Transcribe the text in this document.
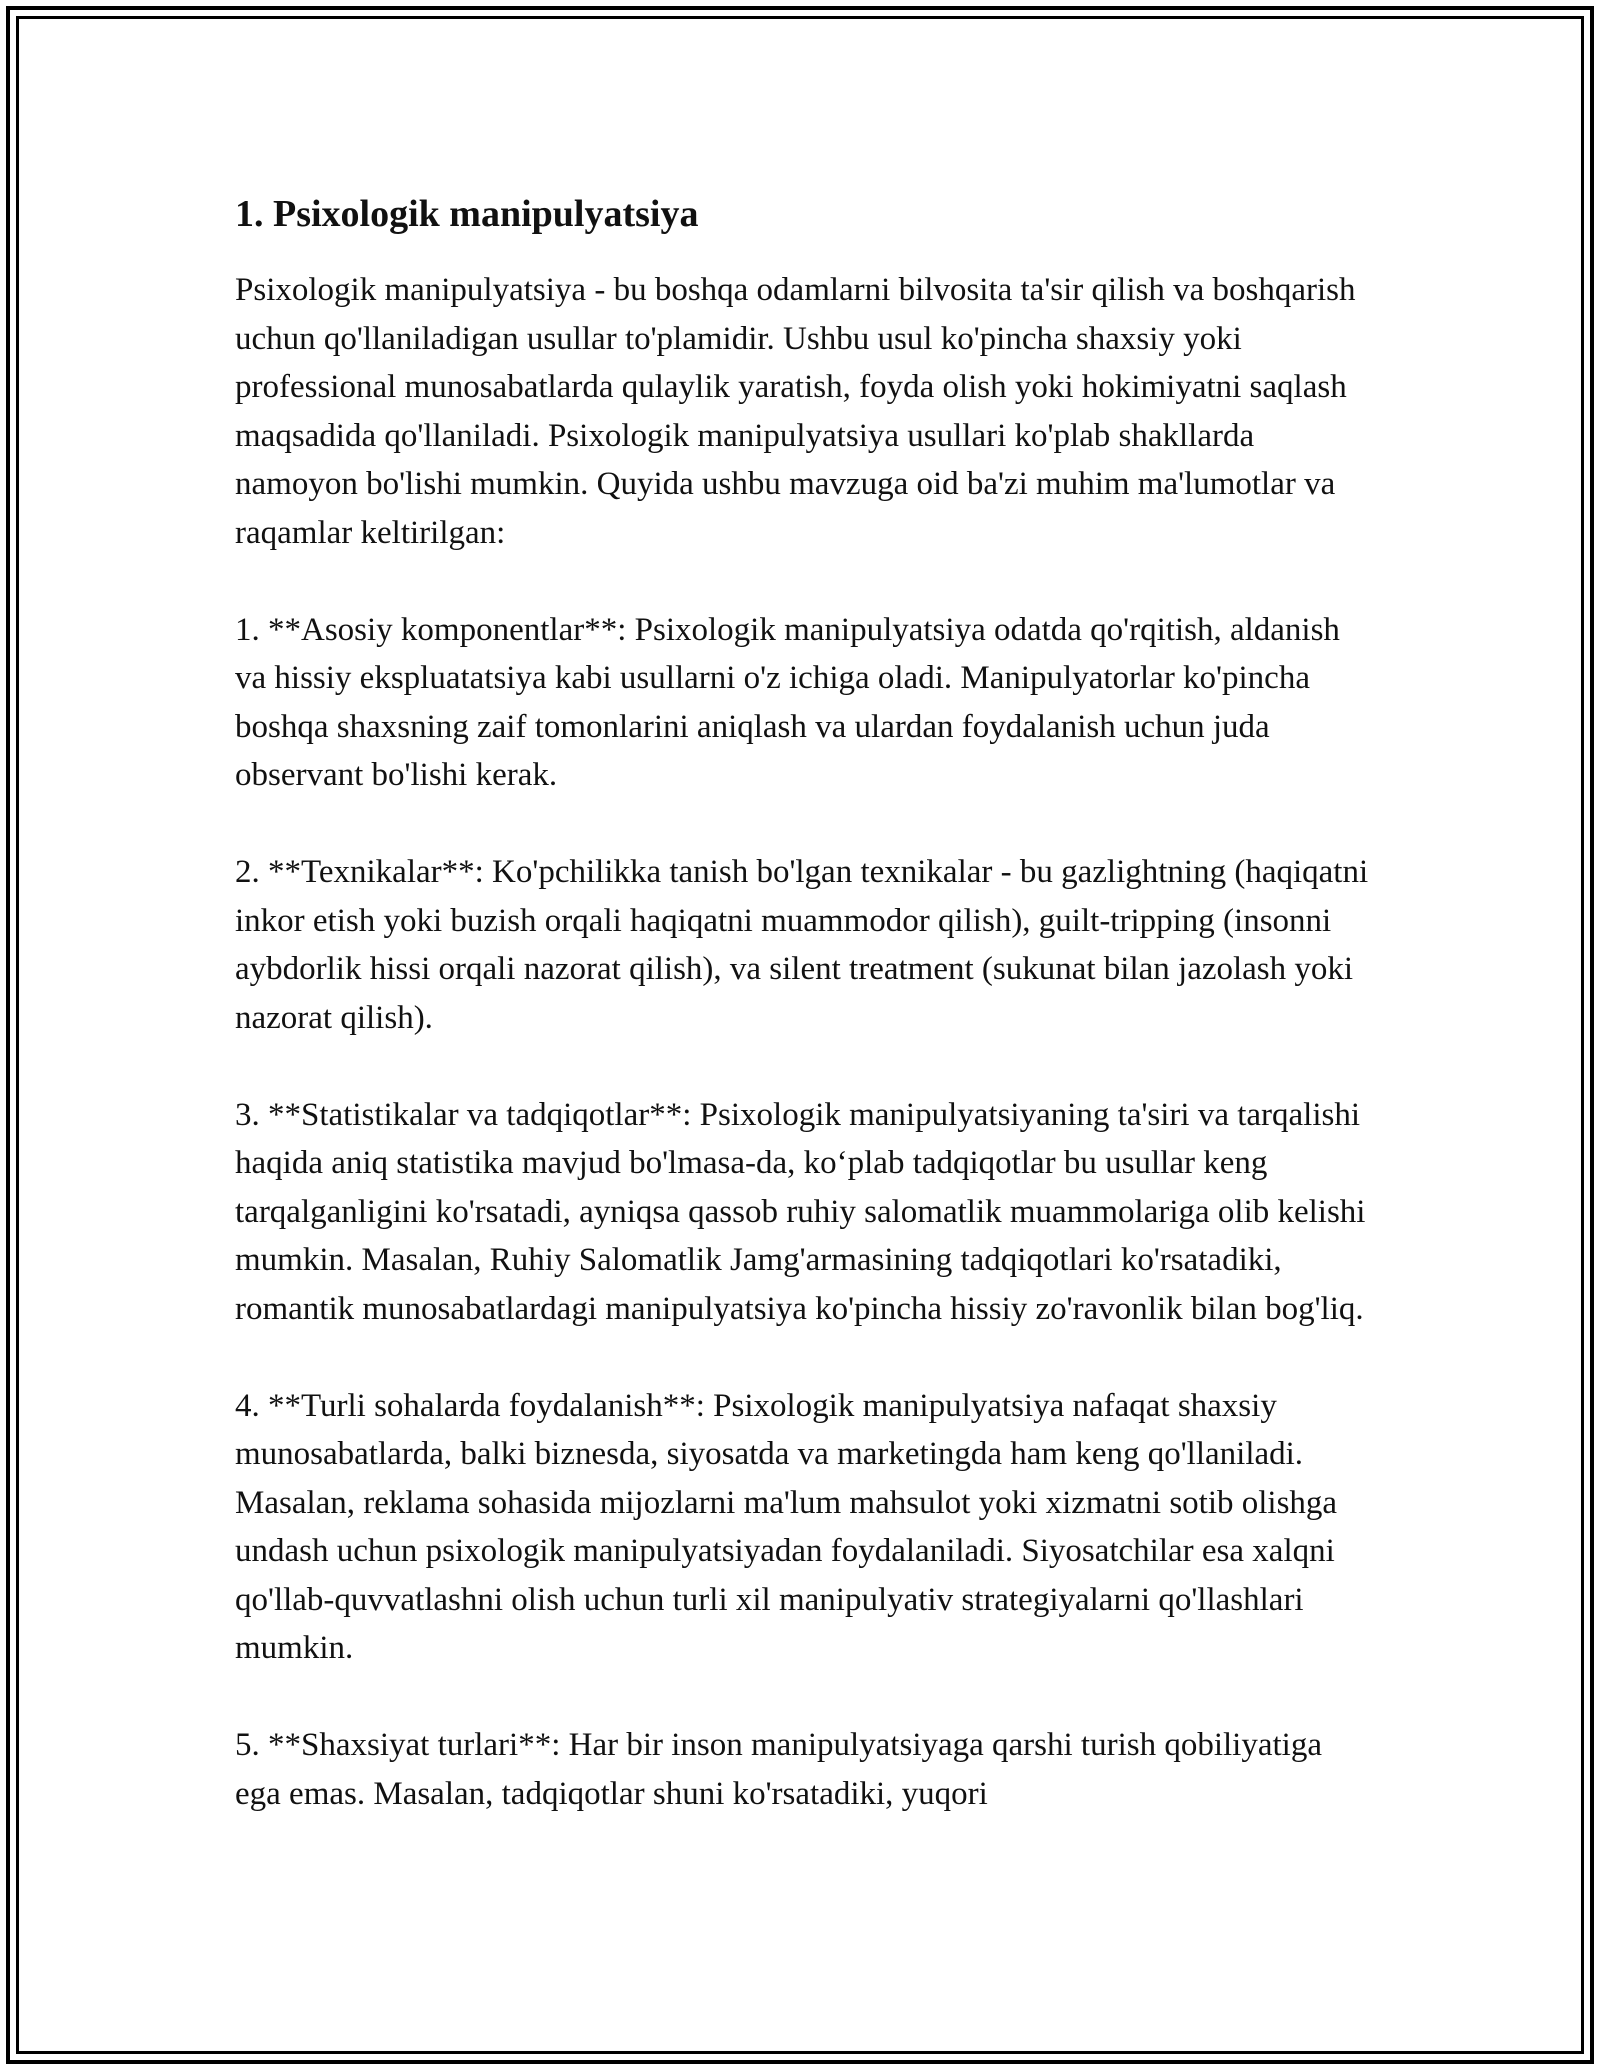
1. Psixologik manipulyatsiya

Psixologik manipulyatsiya - bu boshqa odamlarni bilvosita ta'sir qilish va boshqarish uchun qo'llaniladigan usullar to'plamidir. Ushbu usul ko'pincha shaxsiy yoki professional munosabatlarda qulaylik yaratish, foyda olish yoki hokimiyatni saqlash maqsadida qo'llaniladi. Psixologik manipulyatsiya usullari ko'plab shakllarda namoyon bo'lishi mumkin. Quyida ushbu mavzuga oid ba'zi muhim ma'lumotlar va raqamlar keltirilgan:

1. **Asosiy komponentlar**: Psixologik manipulyatsiya odatda qo'rqitish, aldanish va hissiy ekspluatatsiya kabi usullarni o'z ichiga oladi. Manipulyatorlar ko'pincha boshqa shaxsning zaif tomonlarini aniqlash va ulardan foydalanish uchun juda observant bo'lishi kerak.

2. **Texnikalar**: Ko'pchilikka tanish bo'lgan texnikalar - bu gazlightning (haqiqatni inkor etish yoki buzish orqali haqiqatni muammodor qilish), guilt-tripping (insonni aybdorlik hissi orqali nazorat qilish), va silent treatment (sukunat bilan jazolash yoki nazorat qilish).

3. **Statistikalar va tadqiqotlar**: Psixologik manipulyatsiyaning ta'siri va tarqalishi haqida aniq statistika mavjud bo'lmasa-da, koʻplab tadqiqotlar bu usullar keng tarqalganligini ko'rsatadi, ayniqsa qassob ruhiy salomatlik muammolariga olib kelishi mumkin. Masalan, Ruhiy Salomatlik Jamg'armasining tadqiqotlari ko'rsatadiki, romantik munosabatlardagi manipulyatsiya ko'pincha hissiy zo'ravonlik bilan bog'liq.

4. **Turli sohalarda foydalanish**: Psixologik manipulyatsiya nafaqat shaxsiy munosabatlarda, balki biznesda, siyosatda va marketingda ham keng qo'llaniladi. Masalan, reklama sohasida mijozlarni ma'lum mahsulot yoki xizmatni sotib olishga undash uchun psixologik manipulyatsiyadan foydalaniladi. Siyosatchilar esa xalqni qo'llab-quvvatlashni olish uchun turli xil manipulyativ strategiyalarni qo'llashlari mumkin.

5. **Shaxsiyat turlari**: Har bir inson manipulyatsiyaga qarshi turish qobiliyatiga ega emas. Masalan, tadqiqotlar shuni ko'rsatadiki, yuqori
